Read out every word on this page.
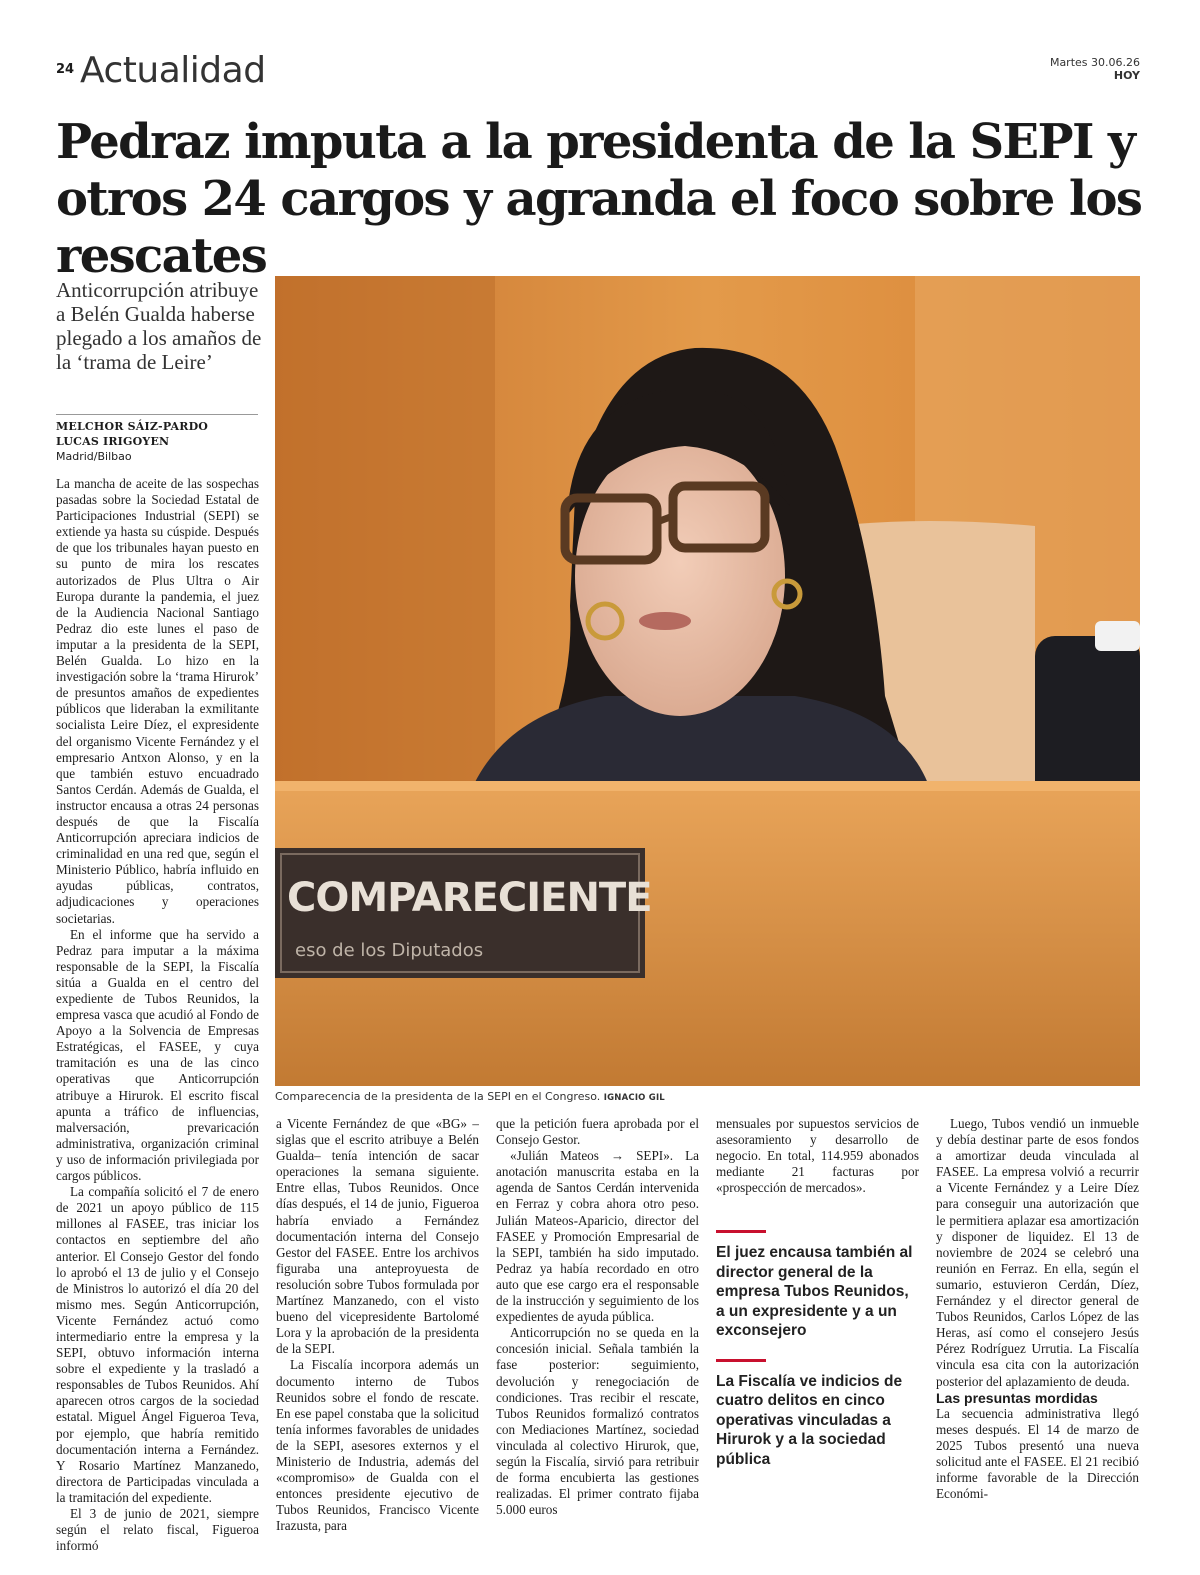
24 Actualidad	Martes 30.06.26
HOY
Pedraz imputa a la presidenta de la SEPI y otros 24 cargos y agranda el foco sobre los rescates
Anticorrupción atribuye a Belén Gualda haberse plegado a los amaños de la ‘trama de Leire’
MELCHOR SÁIZ-PARDO
LUCAS IRIGOYEN
Madrid/Bilbao

La mancha de aceite de las sospechas pasadas sobre la Sociedad Estatal de Participaciones Industrial (SEPI) se extiende ya hasta su cúspide. Después de que los tribunales hayan puesto en su punto de mira los rescates autorizados de Plus Ultra o Air Europa durante la pandemia, el juez de la Audiencia Nacional Santiago Pedraz dio este lunes el paso de imputar a la presidenta de la SEPI, Belén Gualda. Lo hizo en la investigación sobre la ‘trama Hirurok’ de presuntos amaños de expedientes públicos que lideraban la exmilitante socialista Leire Díez, el expresidente del organismo Vicente Fernández y el empresario Antxon Alonso, y en la que también estuvo encuadrado Santos Cerdán. Además de Gualda, el instructor encausa a otras 24 personas después de que la Fiscalía Anticorrupción apreciara indicios de criminalidad en una red que, según el Ministerio Público, habría influido en ayudas públicas, contratos, adjudicaciones y operaciones societarias.

En el informe que ha servido a Pedraz para imputar a la máxima responsable de la SEPI, la Fiscalía sitúa a Gualda en el centro del expediente de Tubos Reunidos, la empresa vasca que acudió al Fondo de Apoyo a la Solvencia de Empresas Estratégicas, el FASEE, y cuya tramitación es una de las cinco operativas que Anticorrupción atribuye a Hirurok. El escrito fiscal apunta a tráfico de influencias, malversación, prevaricación administrativa, organización criminal y uso de información privilegiada por cargos públicos.

La compañía solicitó el 7 de enero de 2021 un apoyo público de 115 millones al FASEE, tras iniciar los contactos en septiembre del año anterior. El Consejo Gestor del fondo lo aprobó el 13 de julio y el Consejo de Ministros lo autorizó el día 20 del mismo mes. Según Anticorrupción, Vicente Fernández actuó como intermediario entre la empresa y la SEPI, obtuvo información interna sobre el expediente y la trasladó a responsables de Tubos Reunidos. Ahí aparecen otros cargos de la sociedad estatal. Miguel Ángel Figueroa Teva, por ejemplo, que habría remitido documentación interna a Fernández. Y Rosario Martínez Manzanedo, directora de Participadas vinculada a la tramitación del expediente.

El 3 de junio de 2021, siempre según el relato fiscal, Figueroa informó

COMPARECIENTE
eso de los Diputados
Comparecencia de la presidenta de la SEPI en el Congreso. IGNACIO GIL

a Vicente Fernández de que «BG» –siglas que el escrito atribuye a Belén Gualda– tenía intención de sacar operaciones la semana siguiente. Entre ellas, Tubos Reunidos. Once días después, el 14 de junio, Figueroa habría enviado a Fernández documentación interna del Consejo Gestor del FASEE. Entre los archivos figuraba una anteproyuesta de resolución sobre Tubos formulada por Martínez Manzanedo, con el visto bueno del vicepresidente Bartolomé Lora y la aprobación de la presidenta de la SEPI.

La Fiscalía incorpora además un documento interno de Tubos Reunidos sobre el fondo de rescate. En ese papel constaba que la solicitud tenía informes favorables de unidades de la SEPI, asesores externos y el Ministerio de Industria, además del «compromiso» de Gualda con el entonces presidente ejecutivo de Tubos Reunidos, Francisco Vicente Irazusta, para

que la petición fuera aprobada por el Consejo Gestor.

«Julián Mateos → SEPI». La anotación manuscrita estaba en la agenda de Santos Cerdán intervenida en Ferraz y cobra ahora otro peso. Julián Mateos-Aparicio, director del FASEE y Promoción Empresarial de la SEPI, también ha sido imputado. Pedraz ya había recordado en otro auto que ese cargo era el responsable de la instrucción y seguimiento de los expedientes de ayuda pública.

Anticorrupción no se queda en la concesión inicial. Señala también la fase posterior: seguimiento, devolución y renegociación de condiciones. Tras recibir el rescate, Tubos Reunidos formalizó contratos con Mediaciones Martínez, sociedad vinculada al colectivo Hirurok, que, según la Fiscalía, sirvió para retribuir de forma encubierta las gestiones realizadas. El primer contrato fijaba 5.000 euros

mensuales por supuestos servicios de asesoramiento y desarrollo de negocio. En total, 114.959 abonados mediante 21 facturas por «prospección de mercados».

El juez encausa también al director general de la empresa Tubos Reunidos, a un expresidente y a un exconsejero
La Fiscalía ve indicios de cuatro delitos en cinco operativas vinculadas a Hirurok y a la sociedad pública

Luego, Tubos vendió un inmueble y debía destinar parte de esos fondos a amortizar deuda vinculada al FASEE. La empresa volvió a recurrir a Vicente Fernández y a Leire Díez para conseguir una autorización que le permitiera aplazar esa amortización y disponer de liquidez. El 13 de noviembre de 2024 se celebró una reunión en Ferraz. En ella, según el sumario, estuvieron Cerdán, Díez, Fernández y el director general de Tubos Reunidos, Carlos López de las Heras, así como el consejero Jesús Pérez Rodríguez Urrutia. La Fiscalía vincula esa cita con la autorización posterior del aplazamiento de deuda.

Las presuntas mordidas

La secuencia administrativa llegó meses después. El 14 de marzo de 2025 Tubos presentó una nueva solicitud ante el FASEE. El 21 recibió informe favorable de la Dirección Económi-
